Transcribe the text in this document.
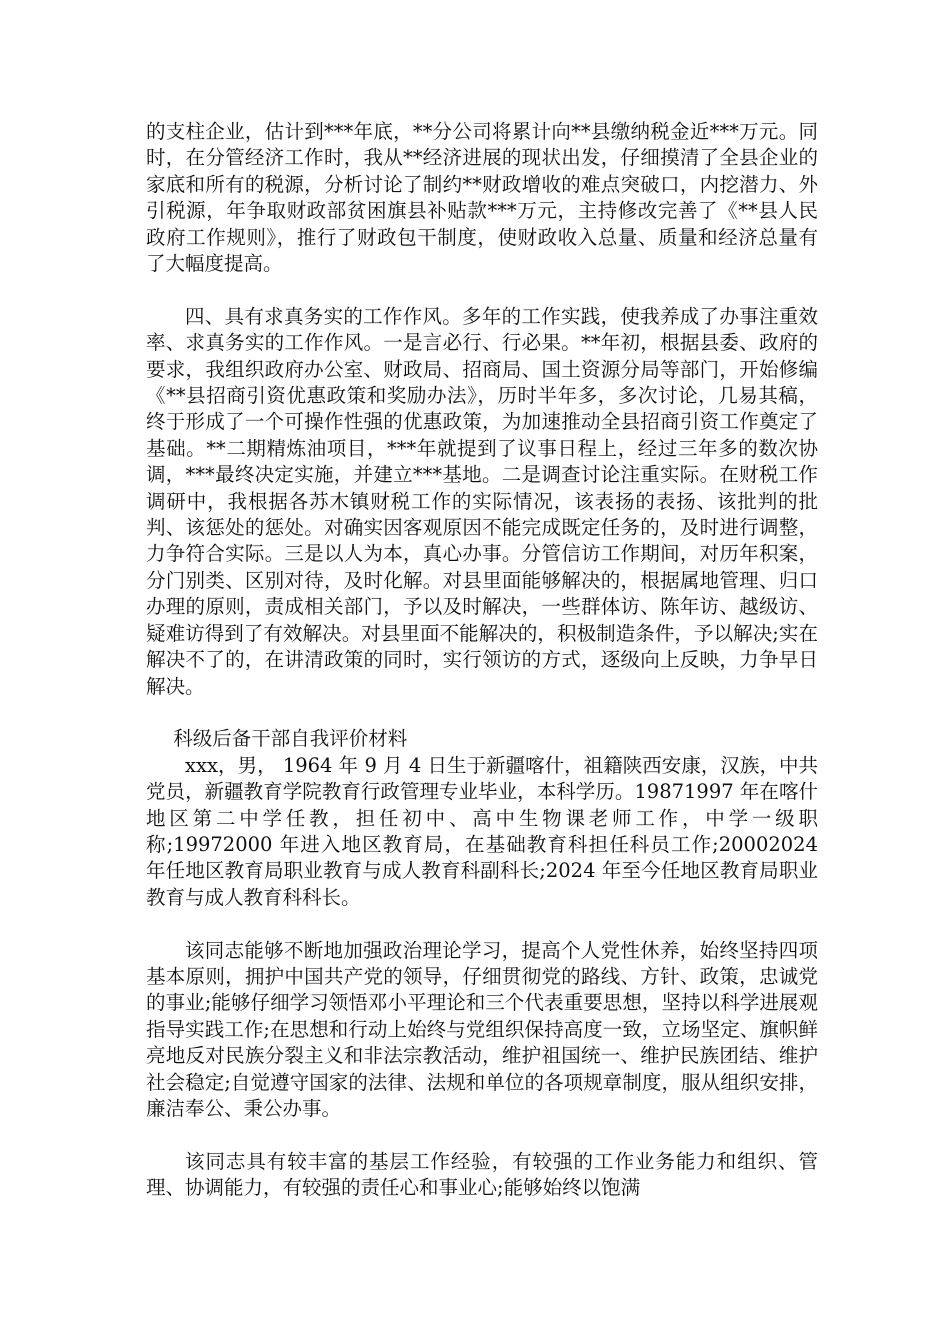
的支柱企业，估计到***年底，**分公司将累计向**县缴纳税金近***万元。同时，在分管经济工作时，我从**经济进展的现状出发，仔细摸清了全县企业的家底和所有的税源，分析讨论了制约**财政增收的难点突破口，内挖潜力、外引税源，年争取财政部贫困旗县补贴款***万元，主持修改完善了《**县人民政府工作规则》，推行了财政包干制度，使财政收入总量、质量和经济总量有了大幅度提高。

四、具有求真务实的工作作风。多年的工作实践，使我养成了办事注重效率、求真务实的工作作风。一是言必行、行必果。**年初，根据县委、政府的要求，我组织政府办公室、财政局、招商局、国土资源分局等部门，开始修编《**县招商引资优惠政策和奖励办法》，历时半年多，多次讨论，几易其稿，终于形成了一个可操作性强的优惠政策，为加速推动全县招商引资工作奠定了基础。**二期精炼油项目，***年就提到了议事日程上，经过三年多的数次协调，***最终决定实施，并建立***基地。二是调查讨论注重实际。在财税工作调研中，我根据各苏木镇财税工作的实际情况，该表扬的表扬、该批判的批判、该惩处的惩处。对确实因客观原因不能完成既定任务的，及时进行调整，力争符合实际。三是以人为本，真心办事。分管信访工作期间，对历年积案，分门别类、区别对待，及时化解。对县里面能够解决的，根据属地管理、归口办理的原则，责成相关部门，予以及时解决，一些群体访、陈年访、越级访、疑难访得到了有效解决。对县里面不能解决的，积极制造条件，予以解决;实在解决不了的，在讲清政策的同时，实行领访的方式，逐级向上反映，力争早日解决。

科级后备干部自我评价材料

xxx，男， 1964 年 9 月 4 日生于新疆喀什，祖籍陕西安康，汉族，中共党员，新疆教育学院教育行政管理专业毕业，本科学历。19871997 年在喀什地区第二中学任教，担任初中、高中生物课老师工作，中学一级职称;19972000 年进入地区教育局，在基础教育科担任科员工作;20002024 年任地区教育局职业教育与成人教育科副科长;2024 年至今任地区教育局职业教育与成人教育科科长。

该同志能够不断地加强政治理论学习，提高个人党性休养，始终坚持四项基本原则，拥护中国共产党的领导，仔细贯彻党的路线、方针、政策，忠诚党的事业;能够仔细学习领悟邓小平理论和三个代表重要思想，坚持以科学进展观指导实践工作;在思想和行动上始终与党组织保持高度一致，立场坚定、旗帜鲜亮地反对民族分裂主义和非法宗教活动，维护祖国统一、维护民族团结、维护社会稳定;自觉遵守国家的法律、法规和单位的各项规章制度，服从组织安排，廉洁奉公、秉公办事。

该同志具有较丰富的基层工作经验，有较强的工作业务能力和组织、管理、协调能力，有较强的责任心和事业心;能够始终以饱满
